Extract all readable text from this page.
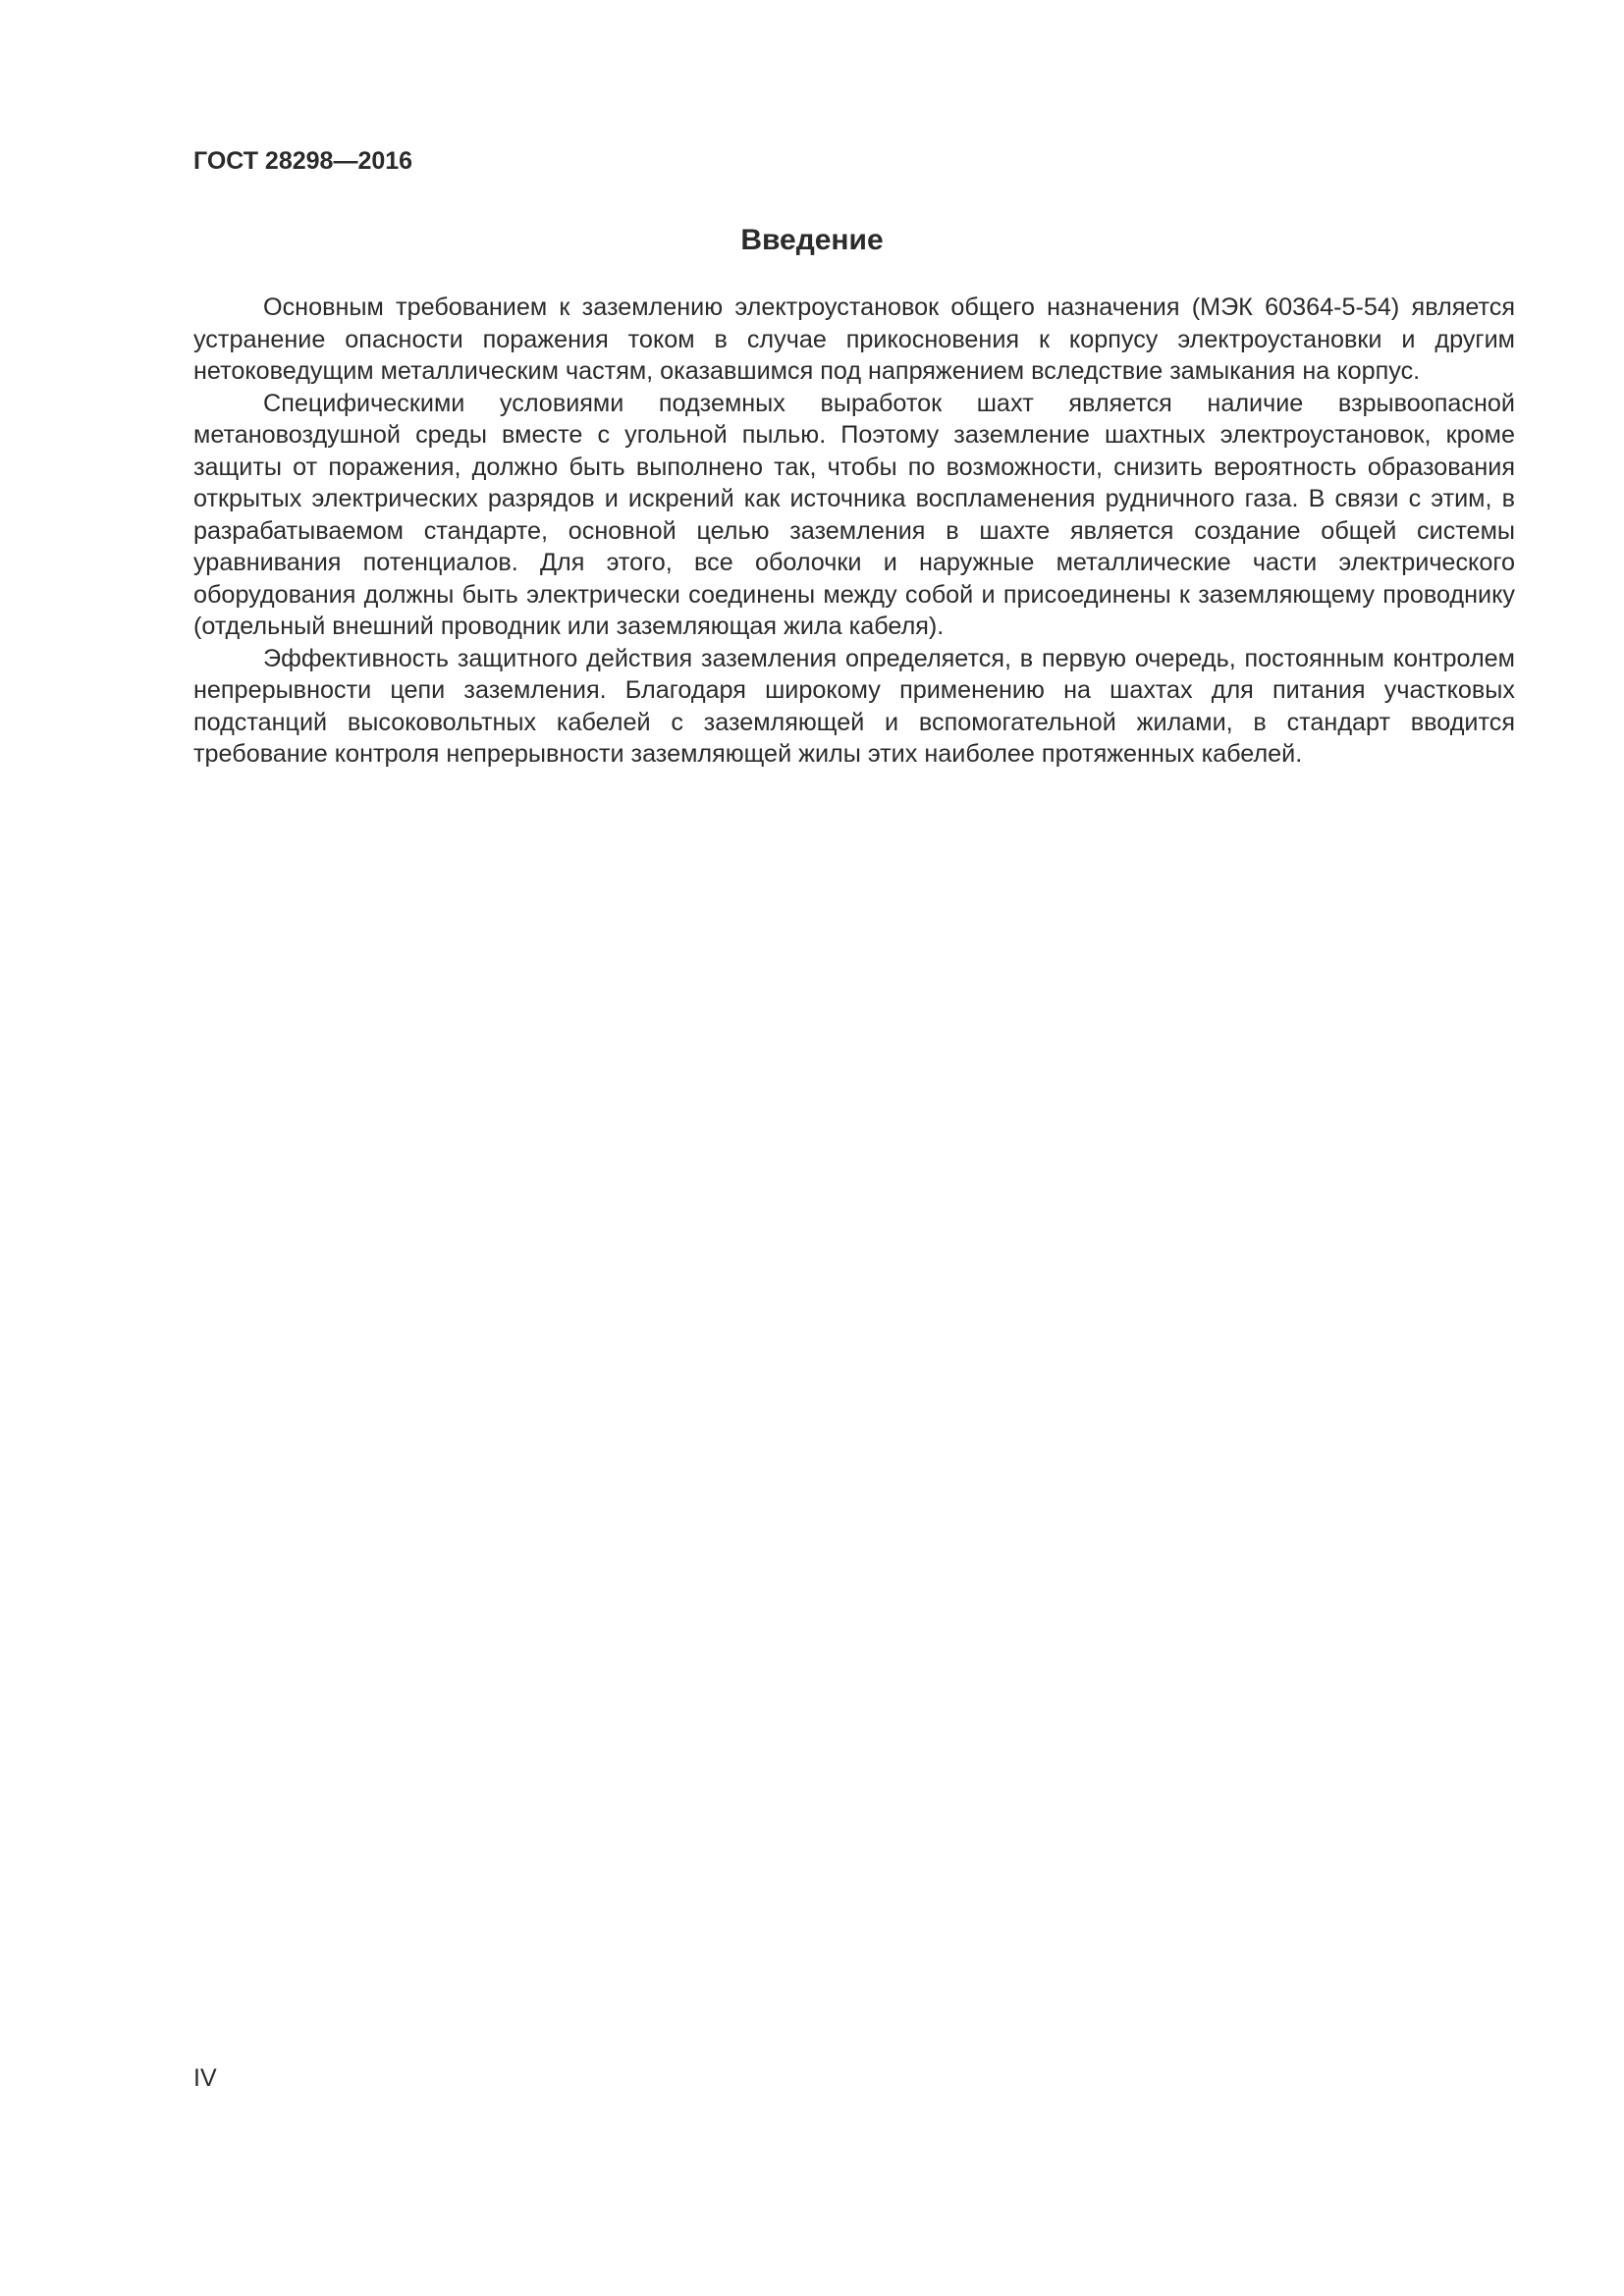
ГОСТ 28298—2016
Введение

Основным требованием к заземлению электроустановок общего назначения (МЭК 60364-5-54) является устранение опасности поражения током в случае прикосновения к корпусу электроустановки и другим нетоковедущим металлическим частям, оказавшимся под напряжением вследствие замыкания на корпус.

Специфическими условиями подземных выработок шахт является наличие взрывоопасной метановоздушной среды вместе с угольной пылью. Поэтому заземление шахтных электроустановок, кроме защиты от поражения, должно быть выполнено так, чтобы по возможности, снизить вероятность образования открытых электрических разрядов и искрений как источника воспламенения рудничного газа. В связи с этим, в разрабатываемом стандарте, основной целью заземления в шахте является создание общей системы уравнивания потенциалов. Для этого, все оболочки и наружные металлические части электрического оборудования должны быть электрически соединены между собой и присоединены к заземляющему проводнику (отдельный внешний проводник или заземляющая жила кабеля).

Эффективность защитного действия заземления определяется, в первую очередь, постоянным контролем непрерывности цепи заземления. Благодаря широкому применению на шахтах для питания участковых подстанций высоковольтных кабелей с заземляющей и вспомогательной жилами, в стандарт вводится требование контроля непрерывности заземляющей жилы этих наиболее протяженных кабелей.

IV
